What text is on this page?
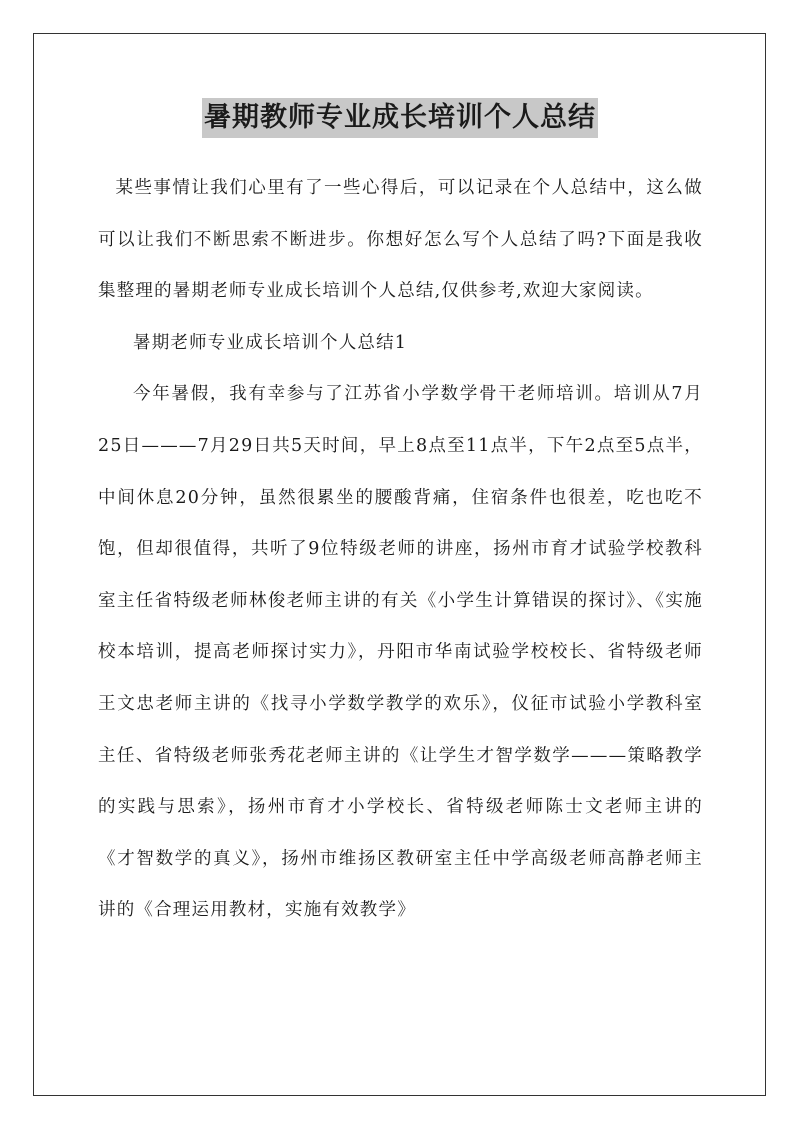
暑期教师专业成长培训个人总结

某些事情让我们心里有了一些心得后，可以记录在个人总结中，这么做可以让我们不断思索不断进步。你想好怎么写个人总结了吗?下面是我收集整理的暑期老师专业成长培训个人总结,仅供参考,欢迎大家阅读。

暑期老师专业成长培训个人总结1

今年暑假，我有幸参与了江苏省小学数学骨干老师培训。培训从7月25日———7月29日共5天时间，早上8点至11点半，下午2点至5点半，中间休息20分钟，虽然很累坐的腰酸背痛，住宿条件也很差，吃也吃不饱，但却很值得，共听了9位特级老师的讲座，扬州市育才试验学校教科室主任省特级老师林俊老师主讲的有关《小学生计算错误的探讨》、《实施校本培训，提高老师探讨实力》，丹阳市华南试验学校校长、省特级老师王文忠老师主讲的《找寻小学数学教学的欢乐》，仪征市试验小学教科室主任、省特级老师张秀花老师主讲的《让学生才智学数学———策略教学的实践与思索》，扬州市育才小学校长、省特级老师陈士文老师主讲的《才智数学的真义》，扬州市维扬区教研室主任中学高级老师高静老师主讲的《合理运用教材，实施有效教学》
